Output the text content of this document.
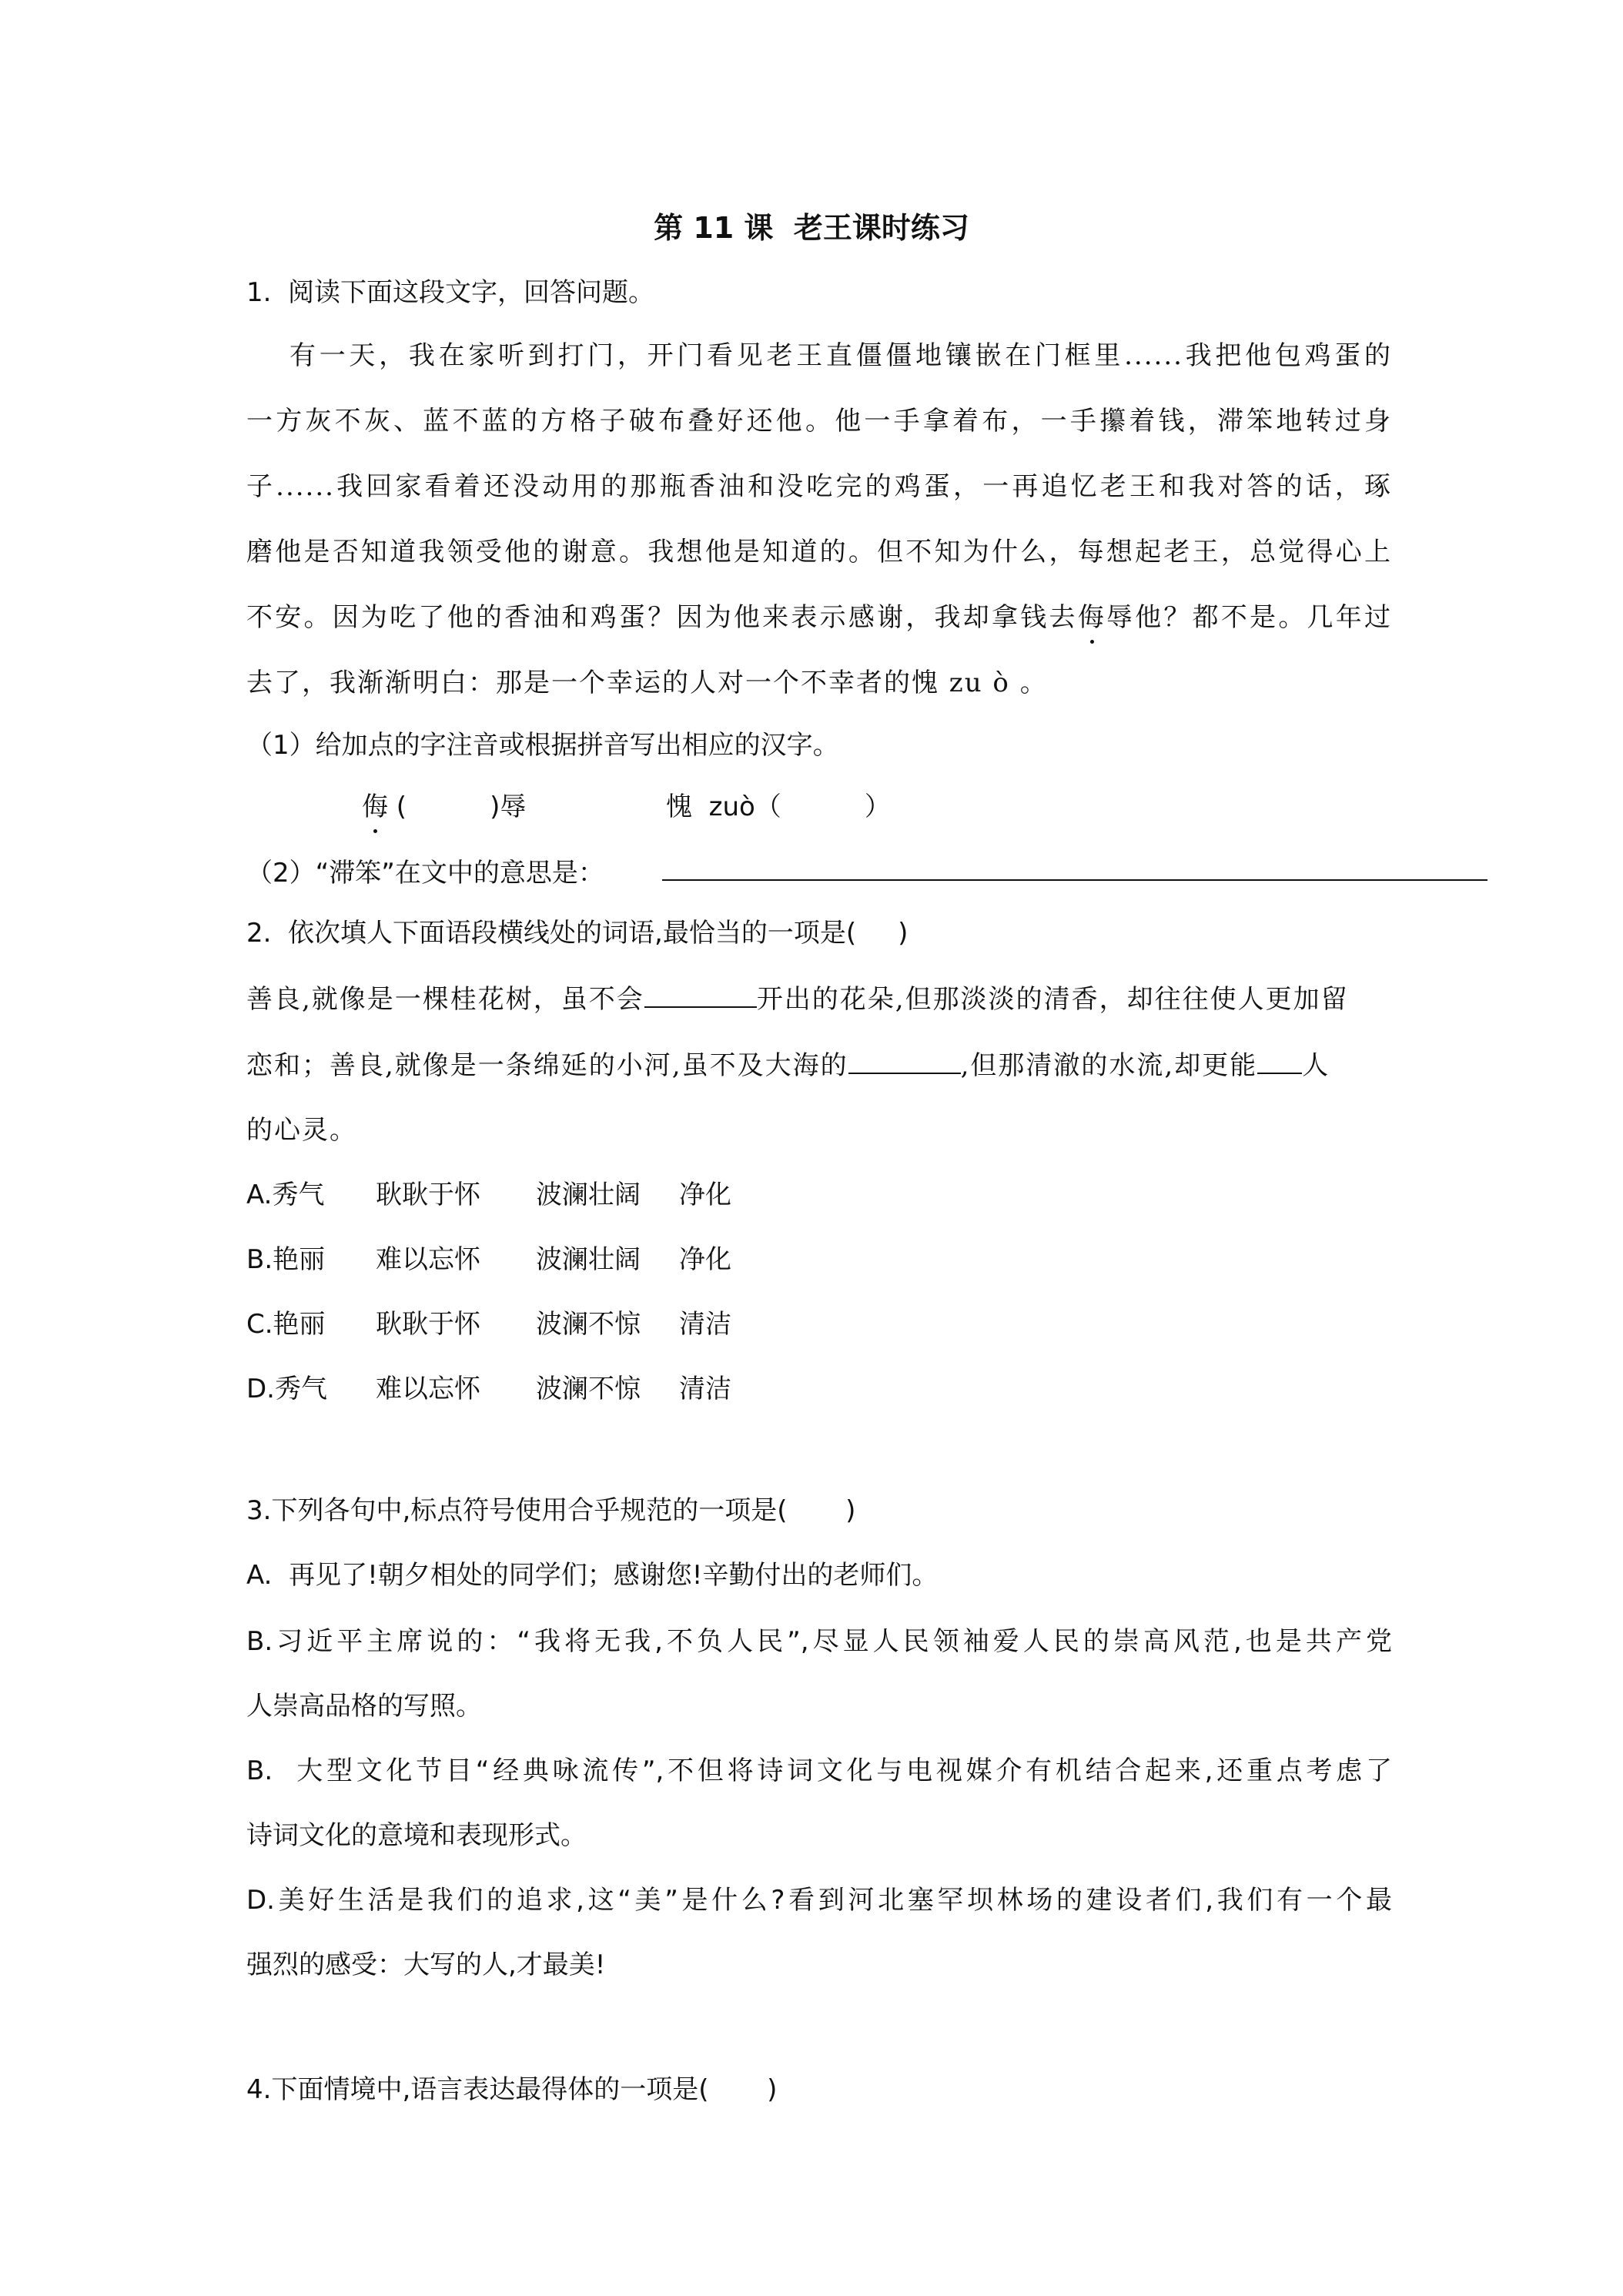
第 11 课  老王课时练习
1.  阅读下面这段文字，回答问题。
有一天，我在家听到打门，开门看见老王直僵僵地镶嵌在门框里......我把他包鸡蛋的
一方灰不灰、蓝不蓝的方格子破布叠好还他。他一手拿着布，一手攥着钱，滞笨地转过身
子......我回家看着还没动用的那瓶香油和没吃完的鸡蛋，一再追忆老王和我对答的话，琢
磨他是否知道我领受他的谢意。我想他是知道的。但不知为什么，每想起老王，总觉得心上
不安。因为吃了他的香油和鸡蛋？因为他来表示感谢，我却拿钱去侮辱他？都不是。几年过
去了，我渐渐明白：那是一个幸运的人对一个不幸者的愧 zu ò 。
（1）给加点的字注音或根据拼音写出相应的汉字。
侮 (          )辱	愧  zuò（          ）
（2）“滞笨”在文中的意思是：
2.  依次填人下面语段横线处的词语,最恰当的一项是(     )
善良,就像是一棵桂花树，虽不会	开出的花朵,但那淡淡的清香，却往往使人更加留
恋和；善良,就像是一条绵延的小河,虽不及大海的	,但那清澈的水流,却更能 人
的心灵。
A.秀气 耿耿于怀 波澜壮阔 净化
B.艳丽 难以忘怀 波澜壮阔 净化
C.艳丽 耿耿于怀 波澜不惊 清洁
D.秀气 难以忘怀 波澜不惊 清洁
3.下列各句中,标点符号使用合乎规范的一项是(       )
A.  再见了!朝夕相处的同学们；感谢您!辛勤付出的老师们。
B.习近平主席说的：“我将无我,不负人民”,尽显人民领袖爱人民的崇高风范,也是共产党
人崇高品格的写照。
B.  大型文化节目“经典咏流传”,不但将诗词文化与电视媒介有机结合起来,还重点考虑了
诗词文化的意境和表现形式。
D.美好生活是我们的追求,这“美”是什么?看到河北塞罕坝林场的建设者们,我们有一个最
强烈的感受：大写的人,才最美!
4.下面情境中,语言表达最得体的一项是(       )
